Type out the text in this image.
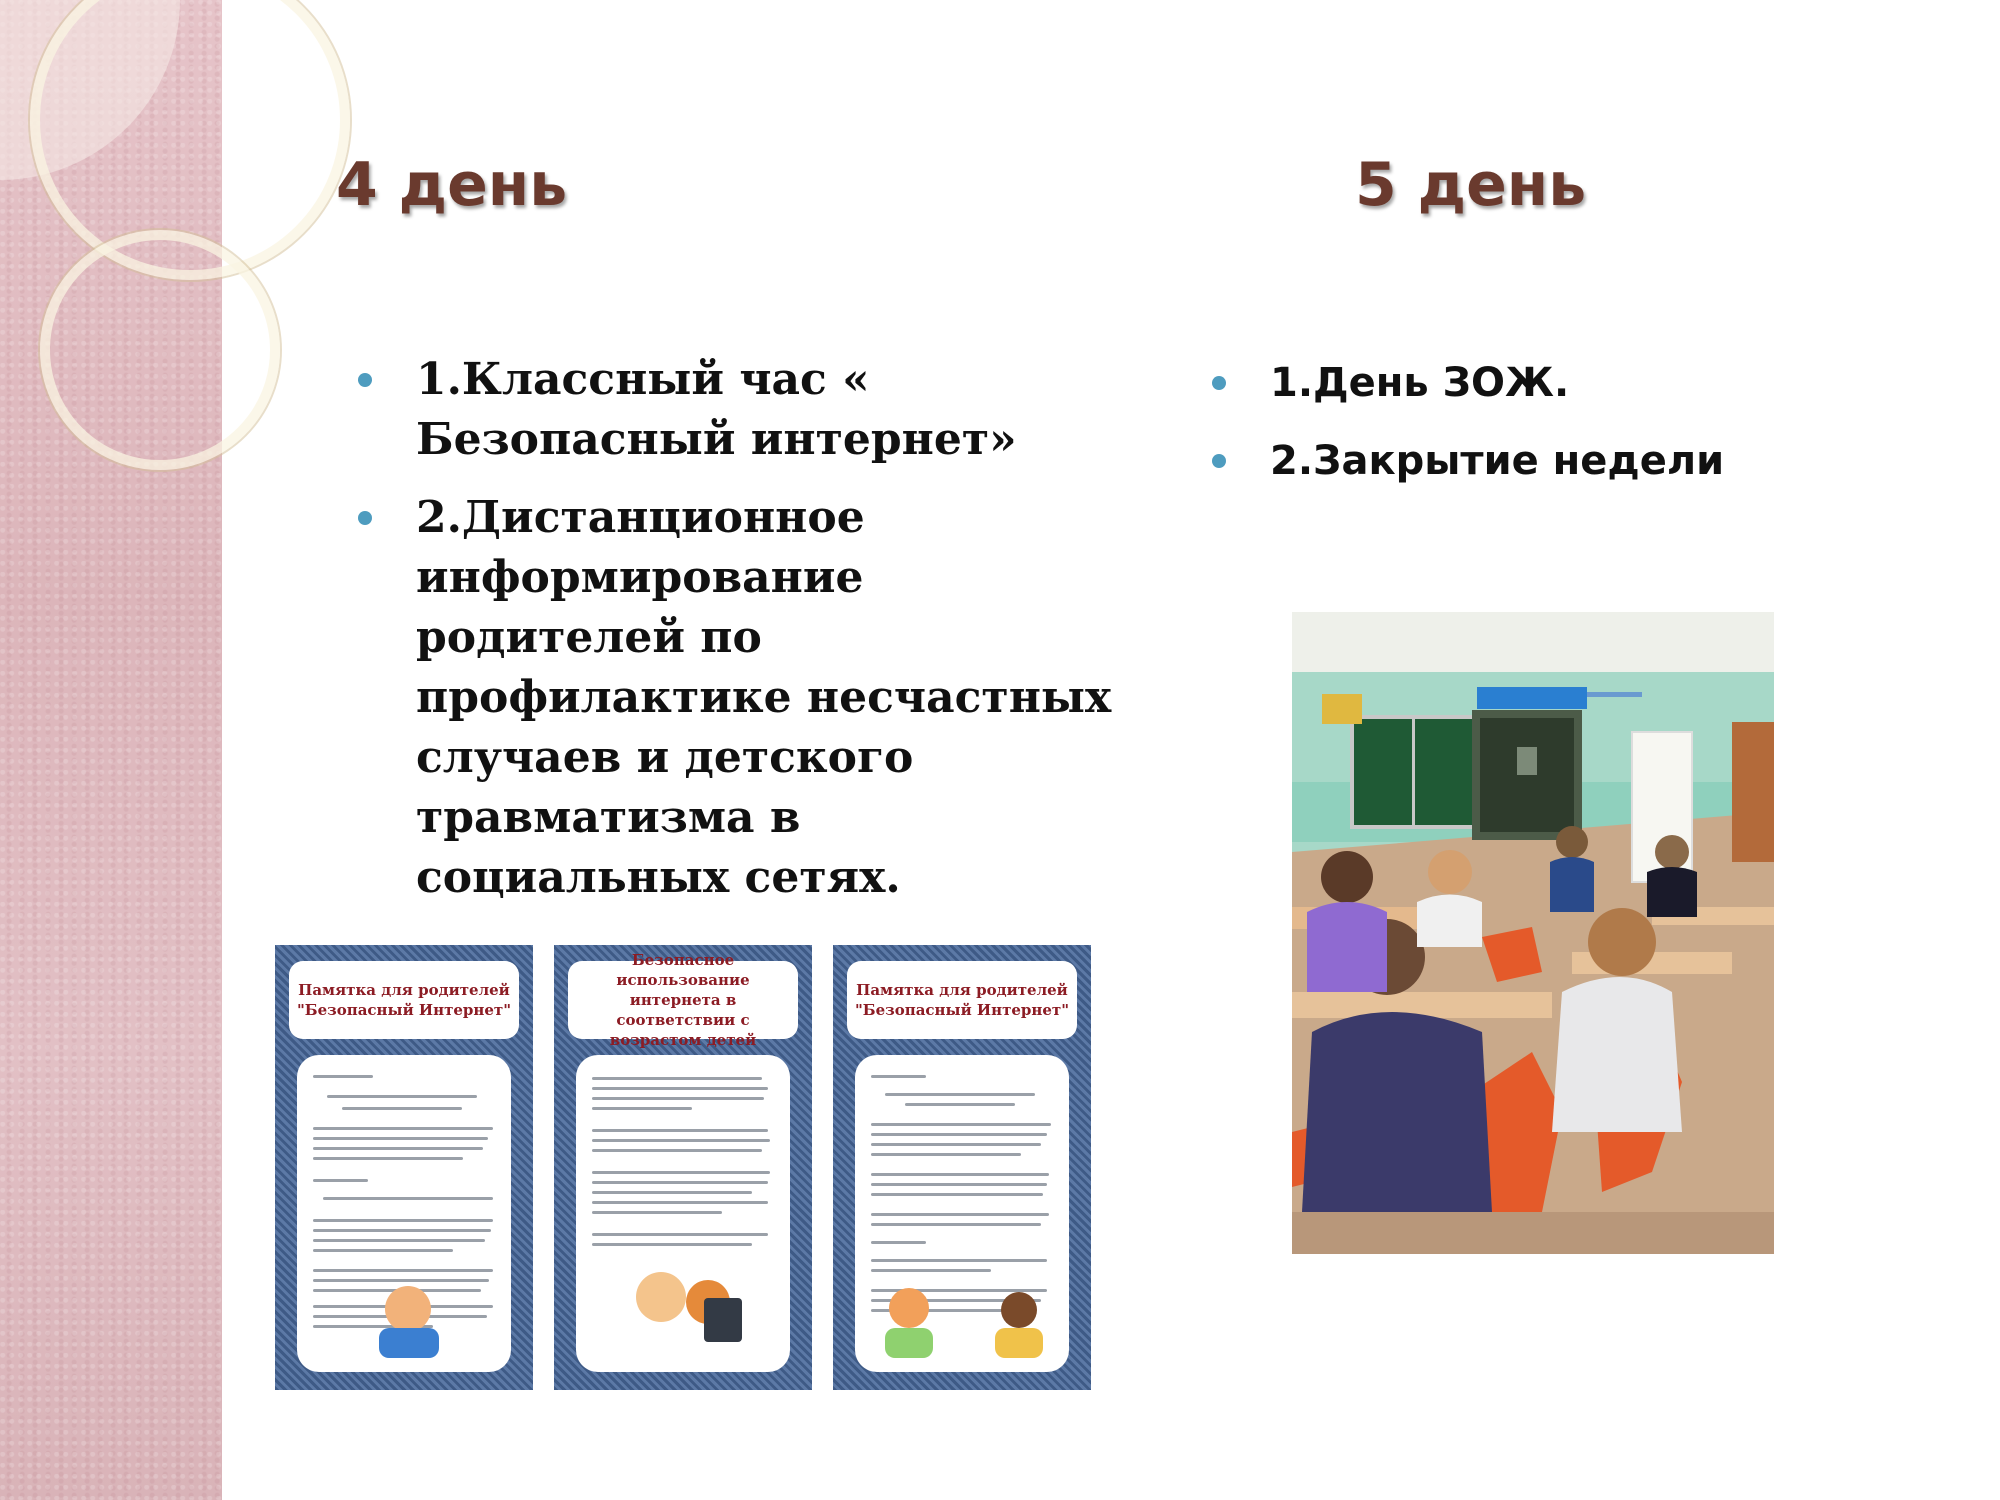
4 день	5 день
1.Классный час « Безопасный интернет»
2.Дистанционное информирование родителей по профилактике несчастных случаев и детского травматизма в социальных сетях.
1.День ЗОЖ.
2.Закрытие недели
Памятка для родителей "Безопасный Интернет"
Безопасное использование интернета в соответствии с возрастом детей
Памятка для родителей "Безопасный Интернет"
